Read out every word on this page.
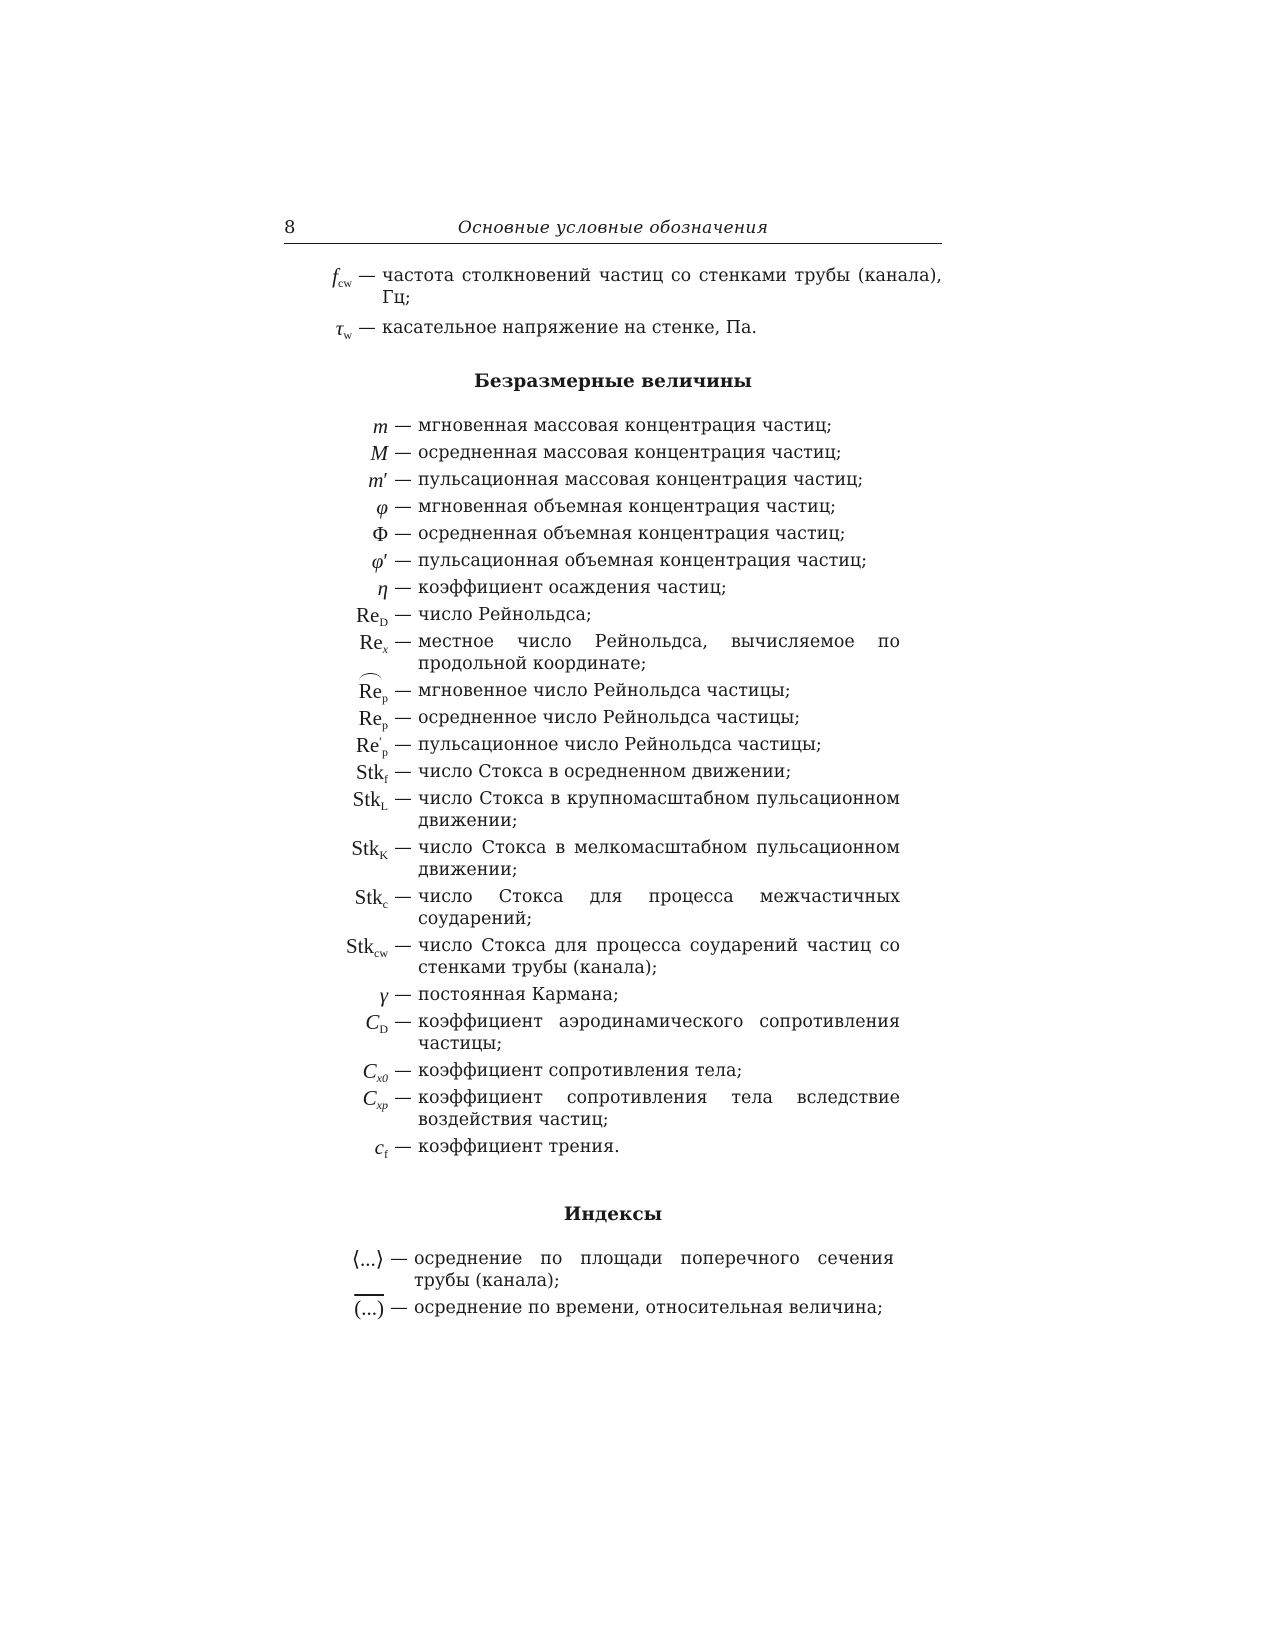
8	Основные условные обозначения
$f_{cw}$ — частота столкновений частиц со стенками трубы (канала), Гц;
$\tau_w$ — касательное напряжение на стенке, Па.
Безразмерные величины
m — мгновенная массовая концентрация частиц;
M — осредненная массовая концентрация частиц;
m′ — пульсационная массовая концентрация частиц;
φ — мгновенная объемная концентрация частиц;
Φ — осредненная объемная концентрация частиц;
φ′ — пульсационная объемная концентрация частиц;
η — коэффициент осаждения частиц;
$Re_D$ — число Рейнольдса;
$Re_x$ — местное число Рейнольдса, вычисляемое по продольной координате;
$Re_p$ — мгновенное число Рейнольдса частицы;
$Re_p$ — осредненное число Рейнольдса частицы;
$Re'_p$ — пульсационное число Рейнольдса частицы;
Stk$_f$ — число Стокса в осредненном движении;
Stk$_L$ — число Стокса в крупномасштабном пульсационном движении;
Stk$_K$ — число Стокса в мелкомасштабном пульсационном движении;
Stk$_c$ — число Стокса для процесса межчастичных соударений;
Stk$_{cw}$ — число Стокса для процесса соударений частиц со стенками трубы (канала);
γ — постоянная Кармана;
$C_D$ — коэффициент аэродинамического сопротивления частицы;
$C_{x0}$ — коэффициент сопротивления тела;
$C_{xp}$ — коэффициент сопротивления тела вследствие воздействия частиц;
$c_f$ — коэффициент трения.
Индексы
⟨...⟩ — осреднение по площади поперечного сечения трубы (канала);
(...) — осреднение по времени, относительная величина;
